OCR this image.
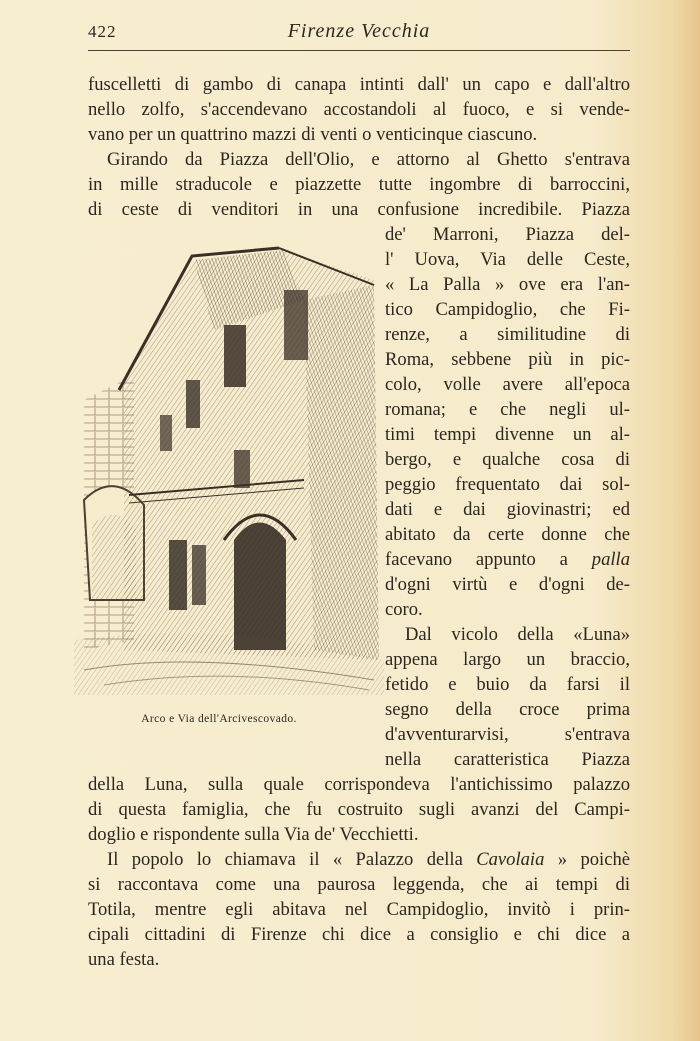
422	Firenze Vecchia
fuscelletti di gambo di canapa intinti dall' un capo e dall'altro
nello zolfo, s'accendevano accostandoli al fuoco, e si vende-
vano per un quattrino mazzi di venti o venticinque ciascuno.
Girando da Piazza dell'Olio, e attorno al Ghetto s'entrava
in mille straducole e piazzette tutte ingombre di barroccini,
di ceste di venditori in una confusione incredibile. Piazza
de' Marroni, Piazza del-
l' Uova, Via delle Ceste,
« La Palla » ove era l'an-
tico Campidoglio, che Fi-
renze, a similitudine di
Roma, sebbene più in pic-
colo, volle avere all'epoca
romana; e che negli ul-
timi tempi divenne un al-
bergo, e qualche cosa di
peggio frequentato dai sol-
dati e dai giovinastri; ed
abitato da certe donne che
facevano appunto a palla
d'ogni virtù e d'ogni de-
coro.
Dal vicolo della «Luna»
appena largo un braccio,
fetido e buio da farsi il
segno della croce prima
d'avventurarvisi, s'entrava
nella caratteristica Piazza
della Luna, sulla quale corrispondeva l'antichissimo palazzo
di questa famiglia, che fu costruito sugli avanzi del Campi-
doglio e rispondente sulla Via de' Vecchietti.
Il popolo lo chiamava il « Palazzo della Cavolaia » poichè
si raccontava come una paurosa leggenda, che ai tempi di
Totila, mentre egli abitava nel Campidoglio, invitò i prin-
cipali cittadini di Firenze chi dice a consiglio e chi dice a
una festa.
Arco e Via dell'Arcivescovado.
